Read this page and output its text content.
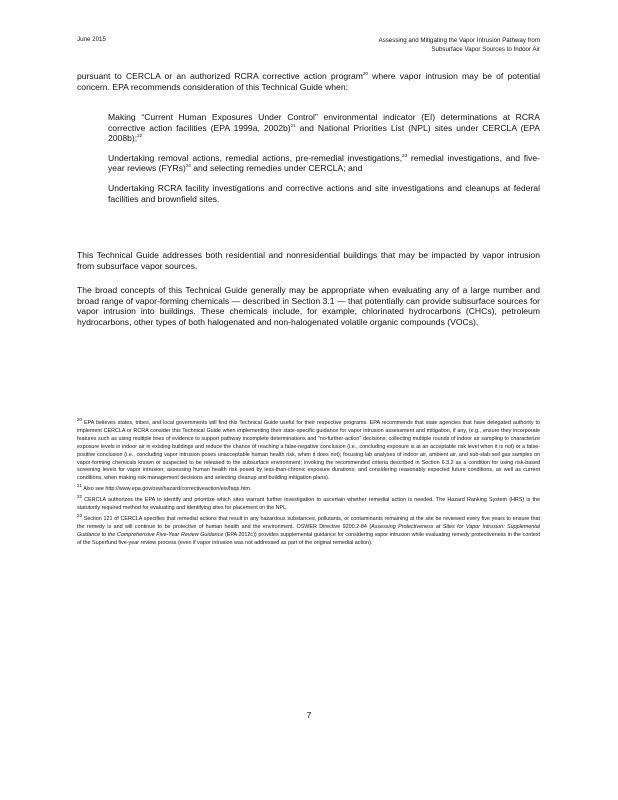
June 2015	Assessing and Mitigating the Vapor Intrusion Pathway from
Subsurface Vapor Sources to Indoor Air
pursuant to CERCLA or an authorized RCRA corrective action program$^{20}$ where vapor intrusion may be of potential concern. EPA recommends consideration of this Technical Guide when:
Making “Current Human Exposures Under Control” environmental indicator (EI) determinations at RCRA corrective action facilities (EPA 1999a, 2002b)$^{21}$ and National Priorities List (NPL) sites under CERCLA (EPA 2008b);$^{22}$
Undertaking removal actions, remedial actions, pre-remedial investigations,$^{23}$ remedial investigations, and five-year reviews (FYRs)$^{24}$ and selecting remedies under CERCLA; and
Undertaking RCRA facility investigations and corrective actions and site investigations and cleanups at federal facilities and brownfield sites.
This Technical Guide addresses both residential and nonresidential buildings that may be impacted by vapor intrusion from subsurface vapor sources.
The broad concepts of this Technical Guide generally may be appropriate when evaluating any of a large number and broad range of vapor-forming chemicals — described in Section 3.1 — that potentially can provide subsurface sources for vapor intrusion into buildings. These chemicals include, for example, chlorinated hydrocarbons (CHCs), petroleum hydrocarbons, other types of both halogenated and non-halogenated volatile organic compounds (VOCs),
$^{20}$ EPA believes states, tribes, and local governments will find this Technical Guide useful for their respective programs. EPA recommends that state agencies that have delegated authority to implement CERCLA or RCRA consider this Technical Guide when implementing their state-specific guidance for vapor intrusion assessment and mitigation, if any, (e.g., ensure they incorporate features such as using multiple lines of evidence to support pathway incomplete determinations and "no-further-action" decisions; collecting multiple rounds of indoor air sampling to characterize exposure levels in indoor air in existing buildings and reduce the chance of reaching a false-negative conclusion (i.e., concluding exposure is at an acceptable risk level when it is not) or a false-positive conclusion (i.e., concluding vapor intrusion poses unacceptable human health risk, when it does not); focusing lab analyses of indoor air, ambient air, and sub-slab soil gas samples on vapor-forming chemicals known or suspected to be released to the subsurface environment; invoking the recommended criteria described in Section 6.3.2 as a condition for using risk-based screening levels for vapor intrusion; assessing human health risk posed by less-than-chronic exposure durations; and considering reasonably expected future conditions, as well as current conditions, when making risk management decisions and selecting cleanup and building mitigation plans).
$^{21}$ Also see http://www.epa.gov/osw/hazard/correctiveaction/eis/faqs.htm.
$^{22}$ CERCLA authorizes the EPA to identify and prioritize which sites warrant further investigation to ascertain whether remedial action is needed. The Hazard Ranking System (HRS) is the statutorily required method for evaluating and identifying sites for placement on the NPL.
$^{23}$ Section 121 of CERCLA specifies that remedial actions that result in any hazardous substances, pollutants, or contaminants remaining at the site be reviewed every five years to ensure that the remedy is and will continue to be protective of human health and the environment. OSWER Directive 9200.2-84 (Assessing Protectiveness at Sites for Vapor Intrusion: Supplemental Guidance to the Comprehensive Five-Year Review Guidance (EPA 2012c)) provides supplemental guidance for considering vapor intrusion while evaluating remedy protectiveness in the context of the Superfund five-year review process (even if vapor intrusion was not addressed as part of the original remedial action).
7
